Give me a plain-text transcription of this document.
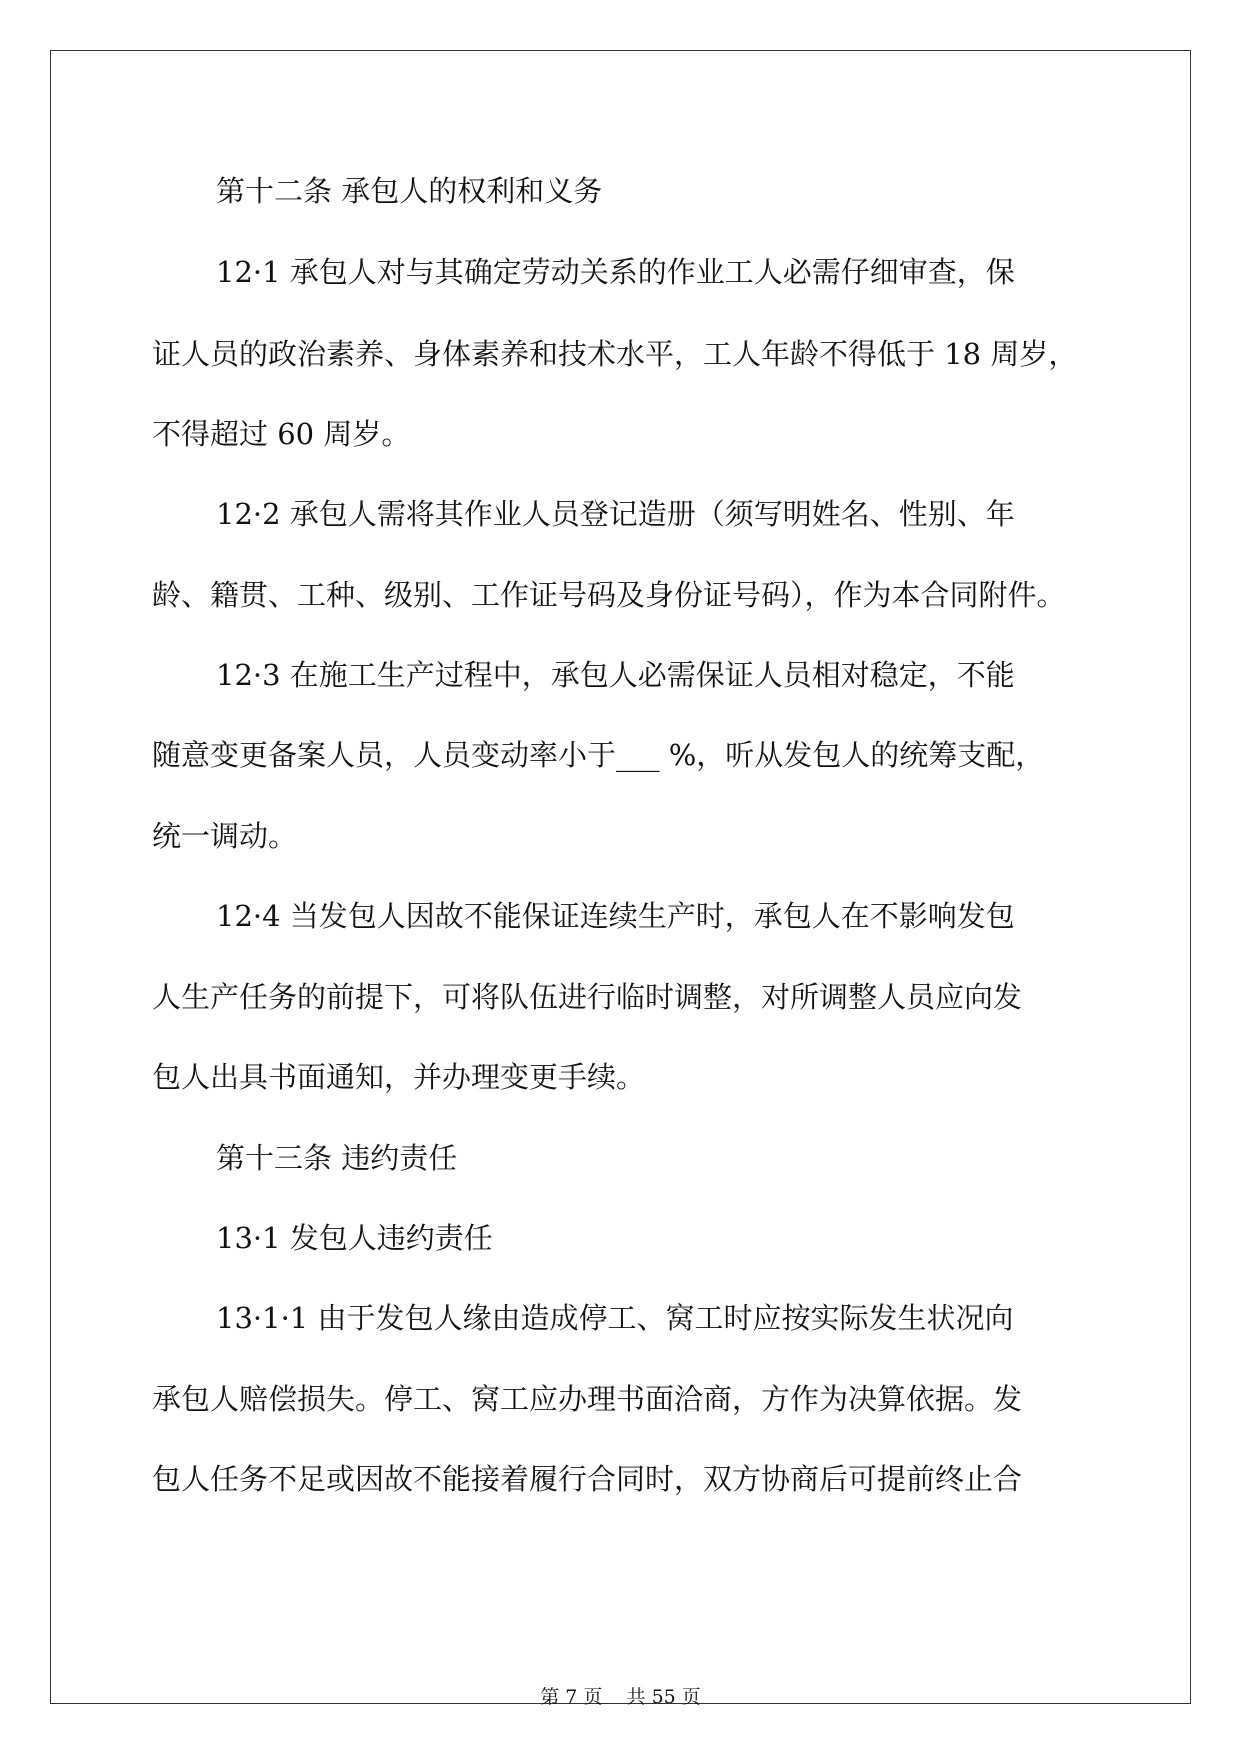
第十二条 承包人的权利和义务
12·1 承包人对与其确定劳动关系的作业工人必需仔细审查，保
证人员的政治素养、身体素养和技术水平，工人年龄不得低于 18 周岁，
不得超过 60 周岁。
12·2 承包人需将其作业人员登记造册（须写明姓名、性别、年
龄、籍贯、工种、级别、工作证号码及身份证号码），作为本合同附件。
12·3 在施工生产过程中，承包人必需保证人员相对稳定，不能
随意变更备案人员，人员变动率小于___ %，听从发包人的统筹支配，
统一调动。
12·4 当发包人因故不能保证连续生产时，承包人在不影响发包
人生产任务的前提下，可将队伍进行临时调整，对所调整人员应向发
包人出具书面通知，并办理变更手续。
第十三条 违约责任
13·1 发包人违约责任
13·1·1 由于发包人缘由造成停工、窝工时应按实际发生状况向
承包人赔偿损失。停工、窝工应办理书面洽商，方作为决算依据。发
包人任务不足或因故不能接着履行合同时，双方协商后可提前终止合
第 7 页    共 55 页
